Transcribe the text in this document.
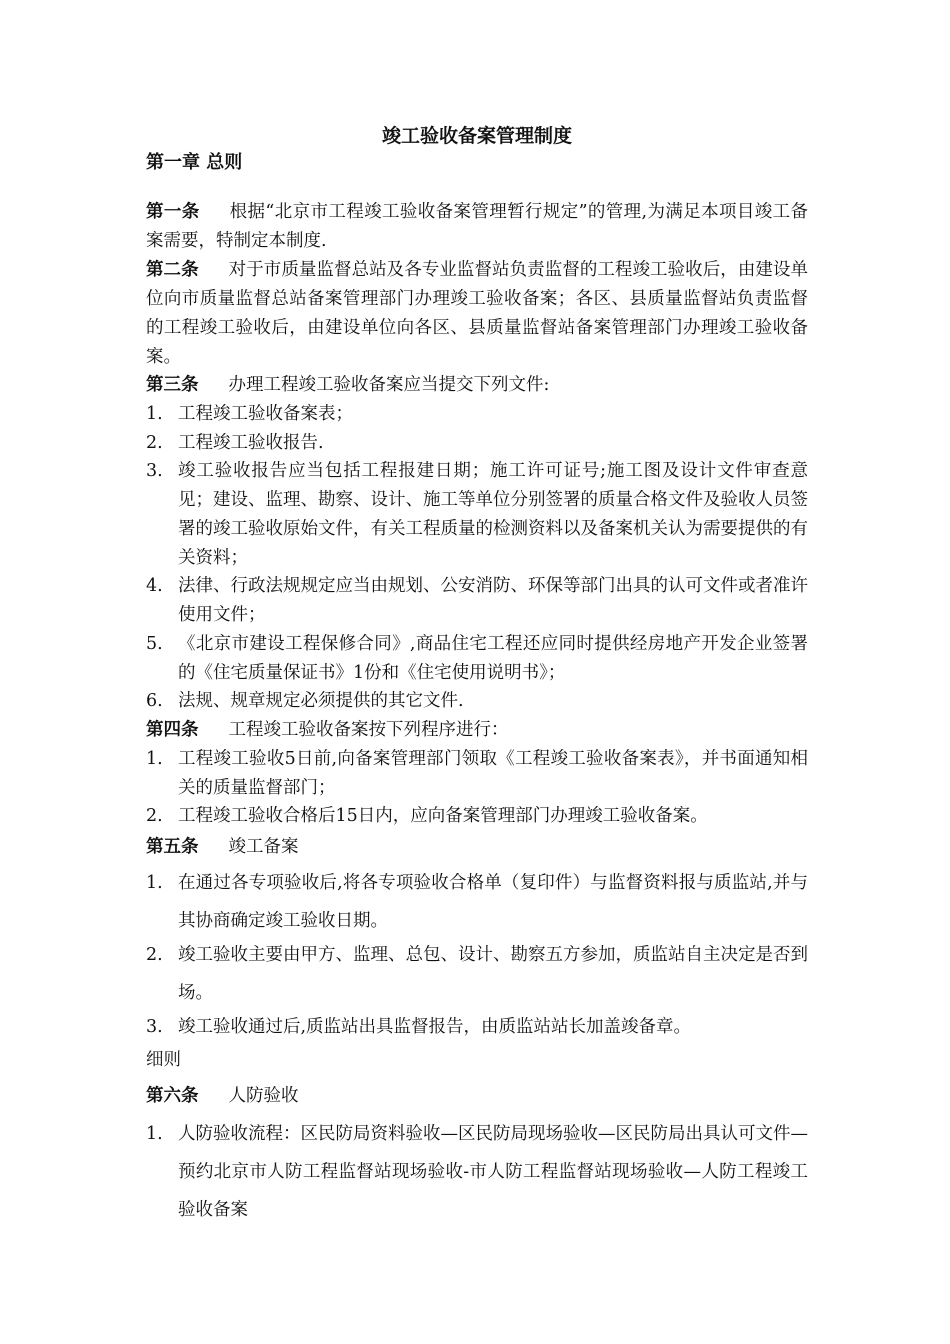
竣工验收备案管理制度
第一章 总则
第一条 根据“北京市工程竣工验收备案管理暂行规定”的管理,为满足本项目竣工备案需要，特制定本制度.
第二条 对于市质量监督总站及各专业监督站负责监督的工程竣工验收后，由建设单位向市质量监督总站备案管理部门办理竣工验收备案；各区、县质量监督站负责监督的工程竣工验收后，由建设单位向各区、县质量监督站备案管理部门办理竣工验收备案。
第三条 办理工程竣工验收备案应当提交下列文件:
1. 工程竣工验收备案表；
2. 工程竣工验收报告.
3. 竣工验收报告应当包括工程报建日期；施工许可证号;施工图及设计文件审查意见；建设、监理、勘察、设计、施工等单位分别签署的质量合格文件及验收人员签署的竣工验收原始文件，有关工程质量的检测资料以及备案机关认为需要提供的有关资料；
4. 法律、行政法规规定应当由规划、公安消防、环保等部门出具的认可文件或者准许使用文件；
5. 《北京市建设工程保修合同》,商品住宅工程还应同时提供经房地产开发企业签署的《住宅质量保证书》1份和《住宅使用说明书》；
6. 法规、规章规定必须提供的其它文件.
第四条 工程竣工验收备案按下列程序进行：
1. 工程竣工验收5日前,向备案管理部门领取《工程竣工验收备案表》，并书面通知相关的质量监督部门；
2. 工程竣工验收合格后15日内，应向备案管理部门办理竣工验收备案。
第五条 竣工备案
1. 在通过各专项验收后,将各专项验收合格单（复印件）与监督资料报与质监站,并与其协商确定竣工验收日期。
2. 竣工验收主要由甲方、监理、总包、设计、勘察五方参加，质监站自主决定是否到场。
3. 竣工验收通过后,质监站出具监督报告，由质监站站长加盖竣备章。
细则
第六条 人防验收
1. 人防验收流程：区民防局资料验收—区民防局现场验收—区民防局出具认可文件—预约北京市人防工程监督站现场验收-市人防工程监督站现场验收—人防工程竣工验收备案
